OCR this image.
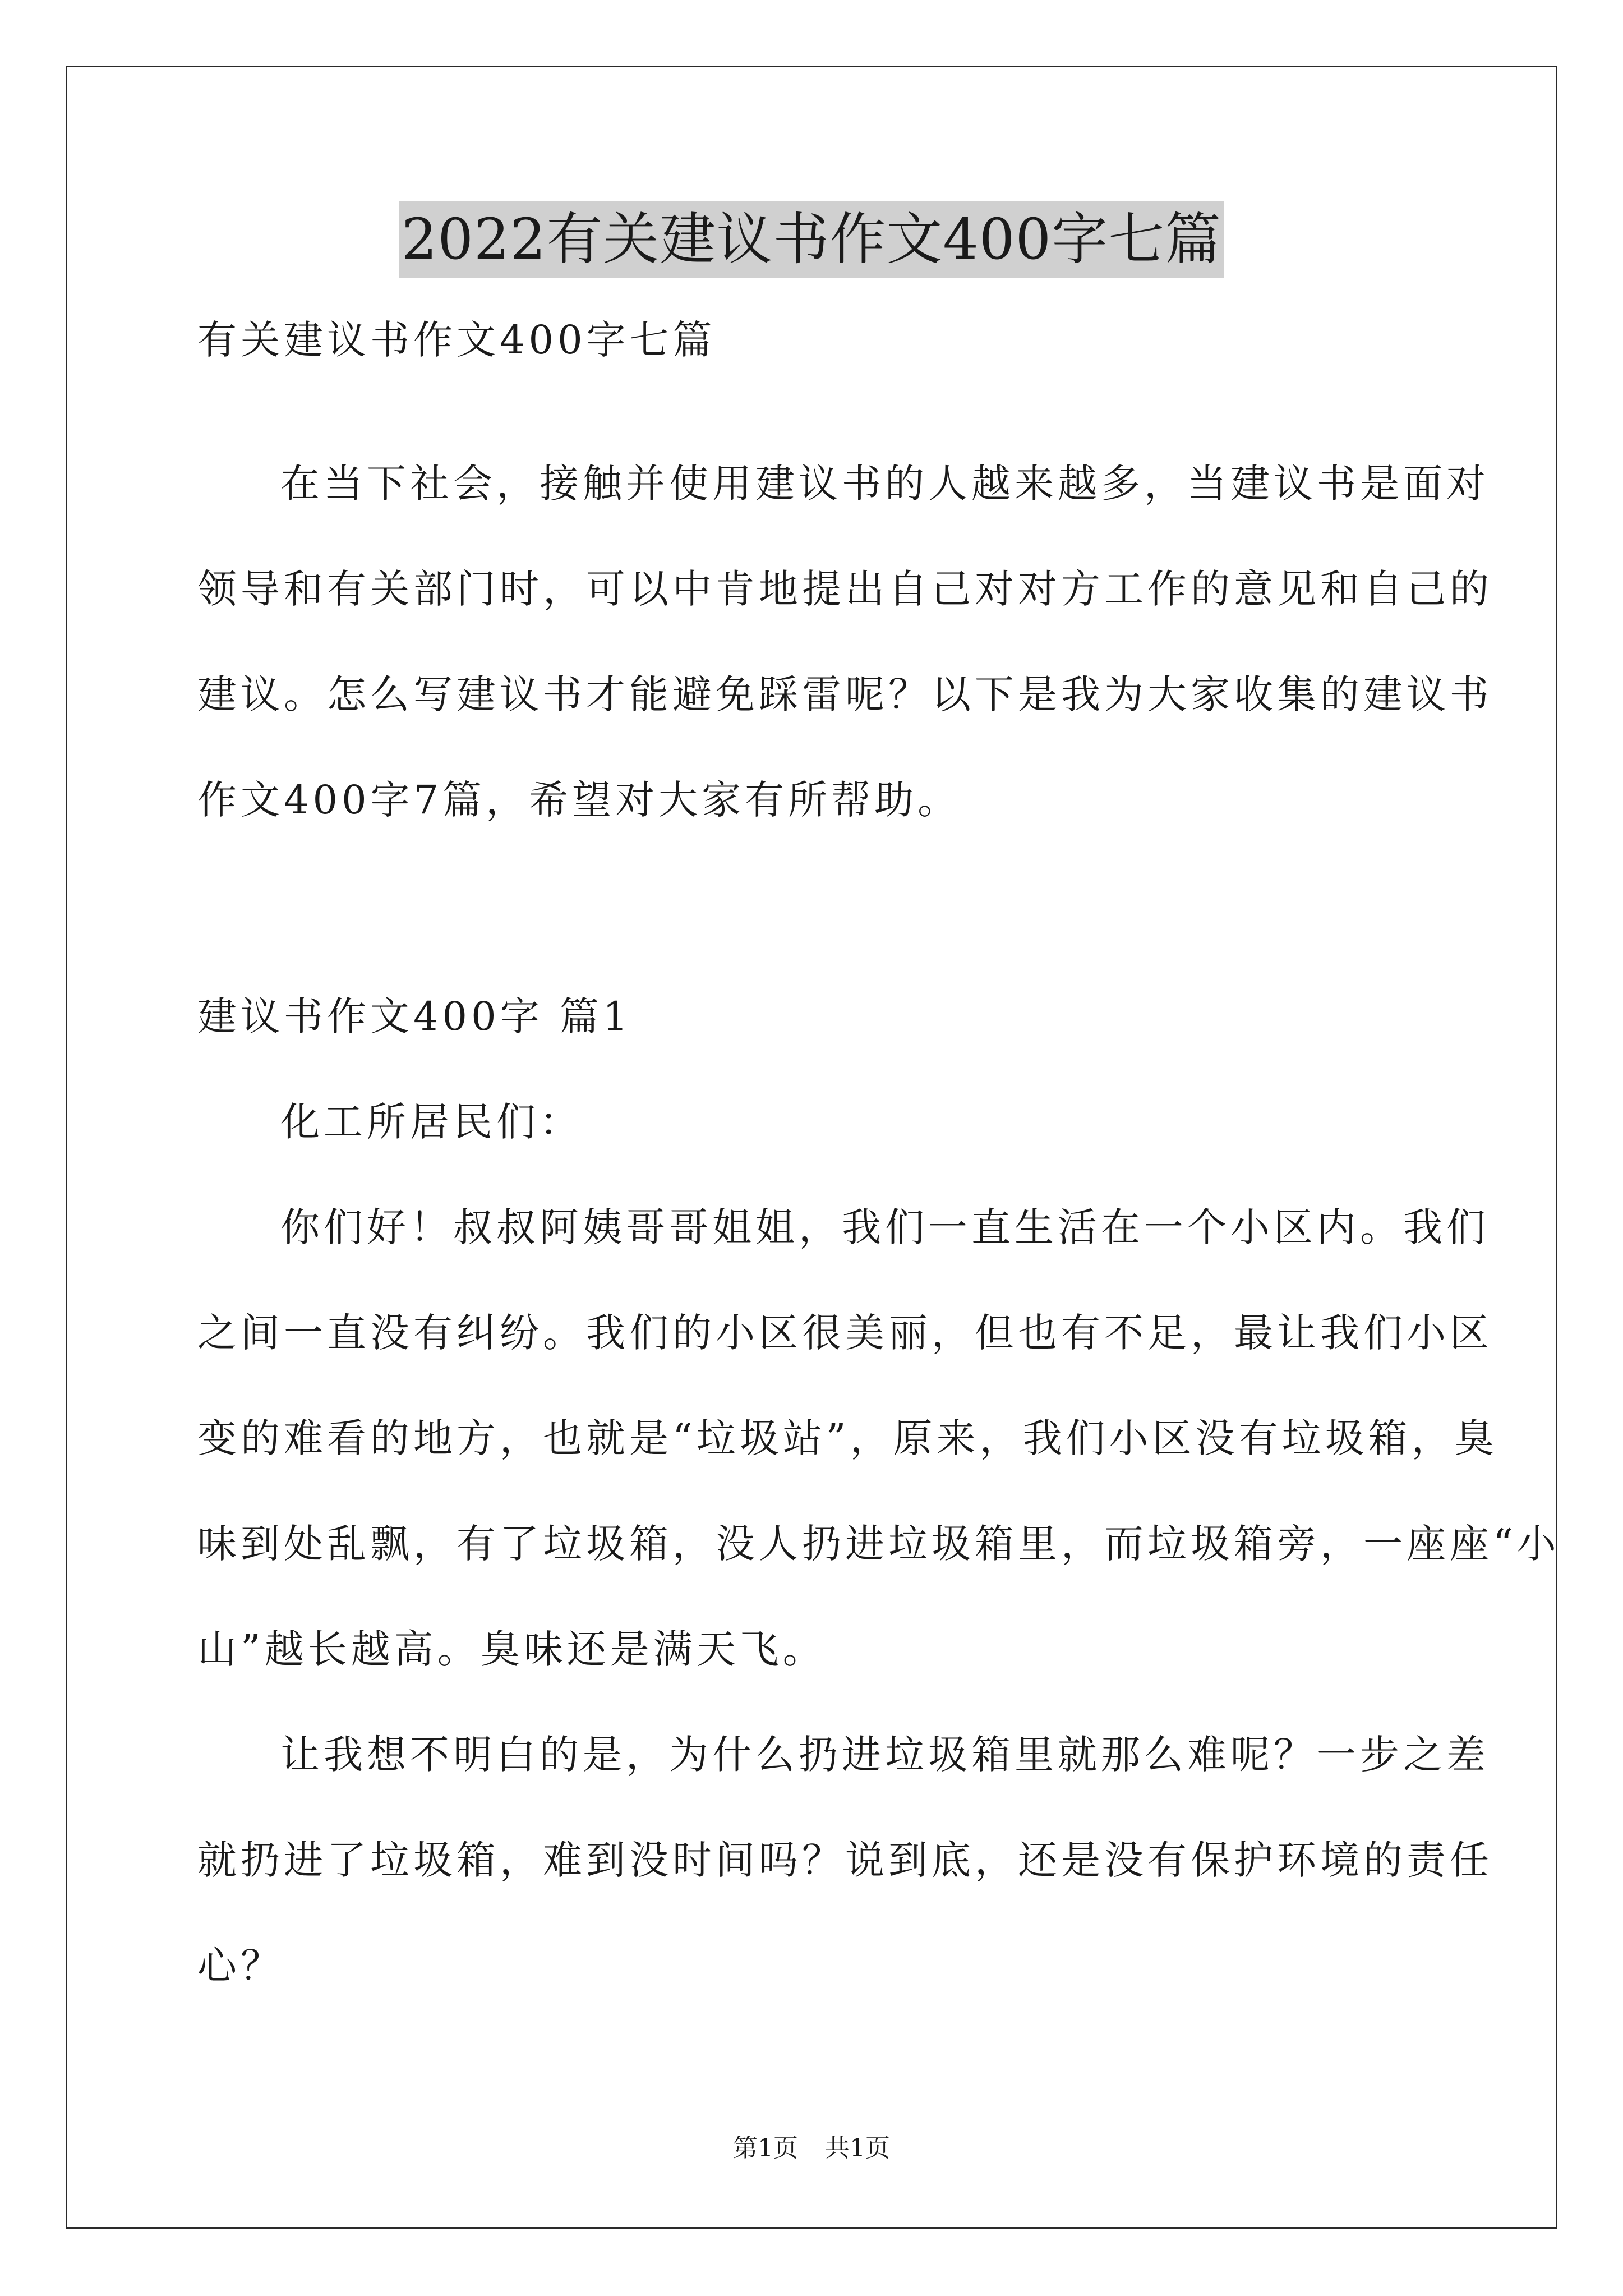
2022有关建议书作文400字七篇
有关建议书作文400字七篇
在当下社会，接触并使用建议书的人越来越多，当建议书是面对
领导和有关部门时，可以中肯地提出自己对对方工作的意见和自己的
建议。怎么写建议书才能避免踩雷呢？以下是我为大家收集的建议书
作文400字7篇，希望对大家有所帮助。
建议书作文400字 篇1
化工所居民们：
你们好！叔叔阿姨哥哥姐姐，我们一直生活在一个小区内。我们
之间一直没有纠纷。我们的小区很美丽，但也有不足，最让我们小区
变的难看的地方，也就是“垃圾站”，原来，我们小区没有垃圾箱，臭
味到处乱飘，有了垃圾箱，没人扔进垃圾箱里，而垃圾箱旁，一座座“小
山”越长越高。臭味还是满天飞。
让我想不明白的是，为什么扔进垃圾箱里就那么难呢？一步之差
就扔进了垃圾箱，难到没时间吗？说到底，还是没有保护环境的责任
心？
第1页 共1页
